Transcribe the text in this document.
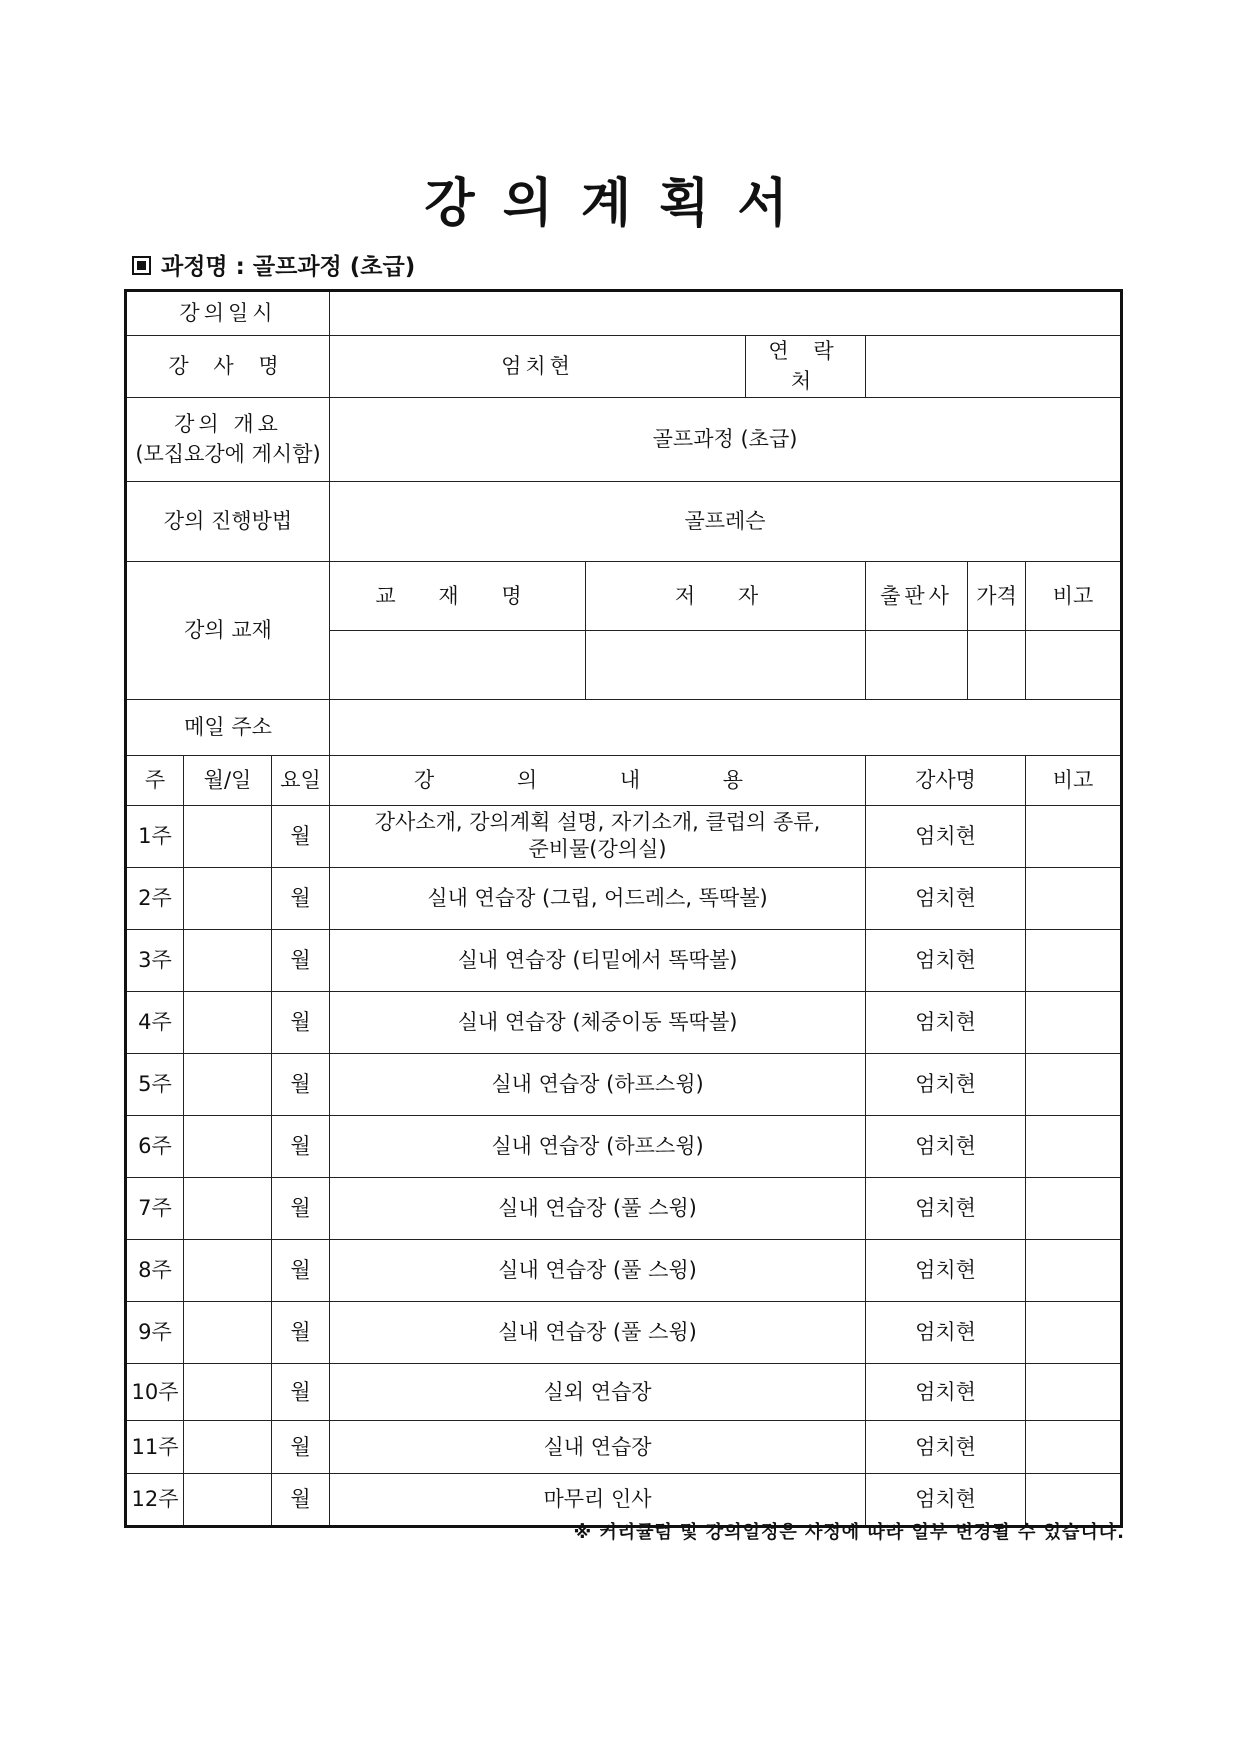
강의계획서
과정명 : 골프과정 (초급)
강의일시								
강 사 명			엄치현		연 락 처			

강의 개요
(모집요강에 게시함)			골프과정 (초급)					
강의 진행방법			골프레슨					
강의 교재			교 재 명	저 자		출판사	가격	비고

메일 주소								
주	월/일	요일	강 의 내 용			강사명		비고
1주		월	강사소개, 강의계획 설명, 자기소개, 클럽의 종류,
준비물(강의실)			엄치현		
2주		월	실내 연습장 (그립, 어드레스, 똑딱볼)			엄치현		
3주		월	실내 연습장 (티밑에서 똑딱볼)			엄치현		
4주		월	실내 연습장 (체중이동 똑딱볼)			엄치현		
5주		월	실내 연습장 (하프스윙)			엄치현		
6주		월	실내 연습장 (하프스윙)			엄치현		
7주		월	실내 연습장 (풀 스윙)			엄치현		
8주		월	실내 연습장 (풀 스윙)			엄치현		
9주		월	실내 연습장 (풀 스윙)			엄치현		
10주		월	실외 연습장			엄치현		
11주		월	실내 연습장			엄치현		
12주		월	마무리 인사			엄치현		
※ 커리큘럼 및 강의일정은 사정에 따라 일부 변경될 수 있습니다.
